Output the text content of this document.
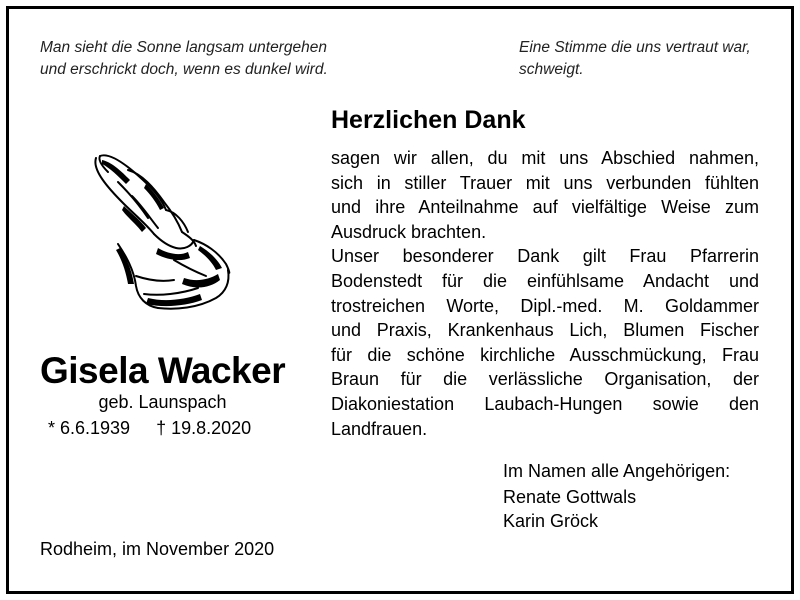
Man sieht die Sonne langsam untergehen
und erschrickt doch, wenn es dunkel wird.
Eine Stimme die uns vertraut war,
schweigt.
Gisela Wacker
geb. Launspach
* 6.6.1939 † 19.8.2020
Rodheim, im November 2020
Herzlichen Dank
sagen wir allen, du mit uns Abschied nahmen,
sich in stiller Trauer mit uns verbunden fühlten
und ihre Anteilnahme auf vielfältige Weise zum
Ausdruck brachten.
Unser besonderer Dank gilt Frau Pfarrerin
Bodenstedt für die einfühlsame Andacht und
trostreichen Worte, Dipl.-med. M. Goldammer
und Praxis, Krankenhaus Lich, Blumen Fischer
für die schöne kirchliche Ausschmückung, Frau
Braun für die verlässliche Organisation, der
Diakoniestation Laubach-Hungen sowie den
Landfrauen.
Im Namen alle Angehörigen:
Renate Gottwals
Karin Gröck
